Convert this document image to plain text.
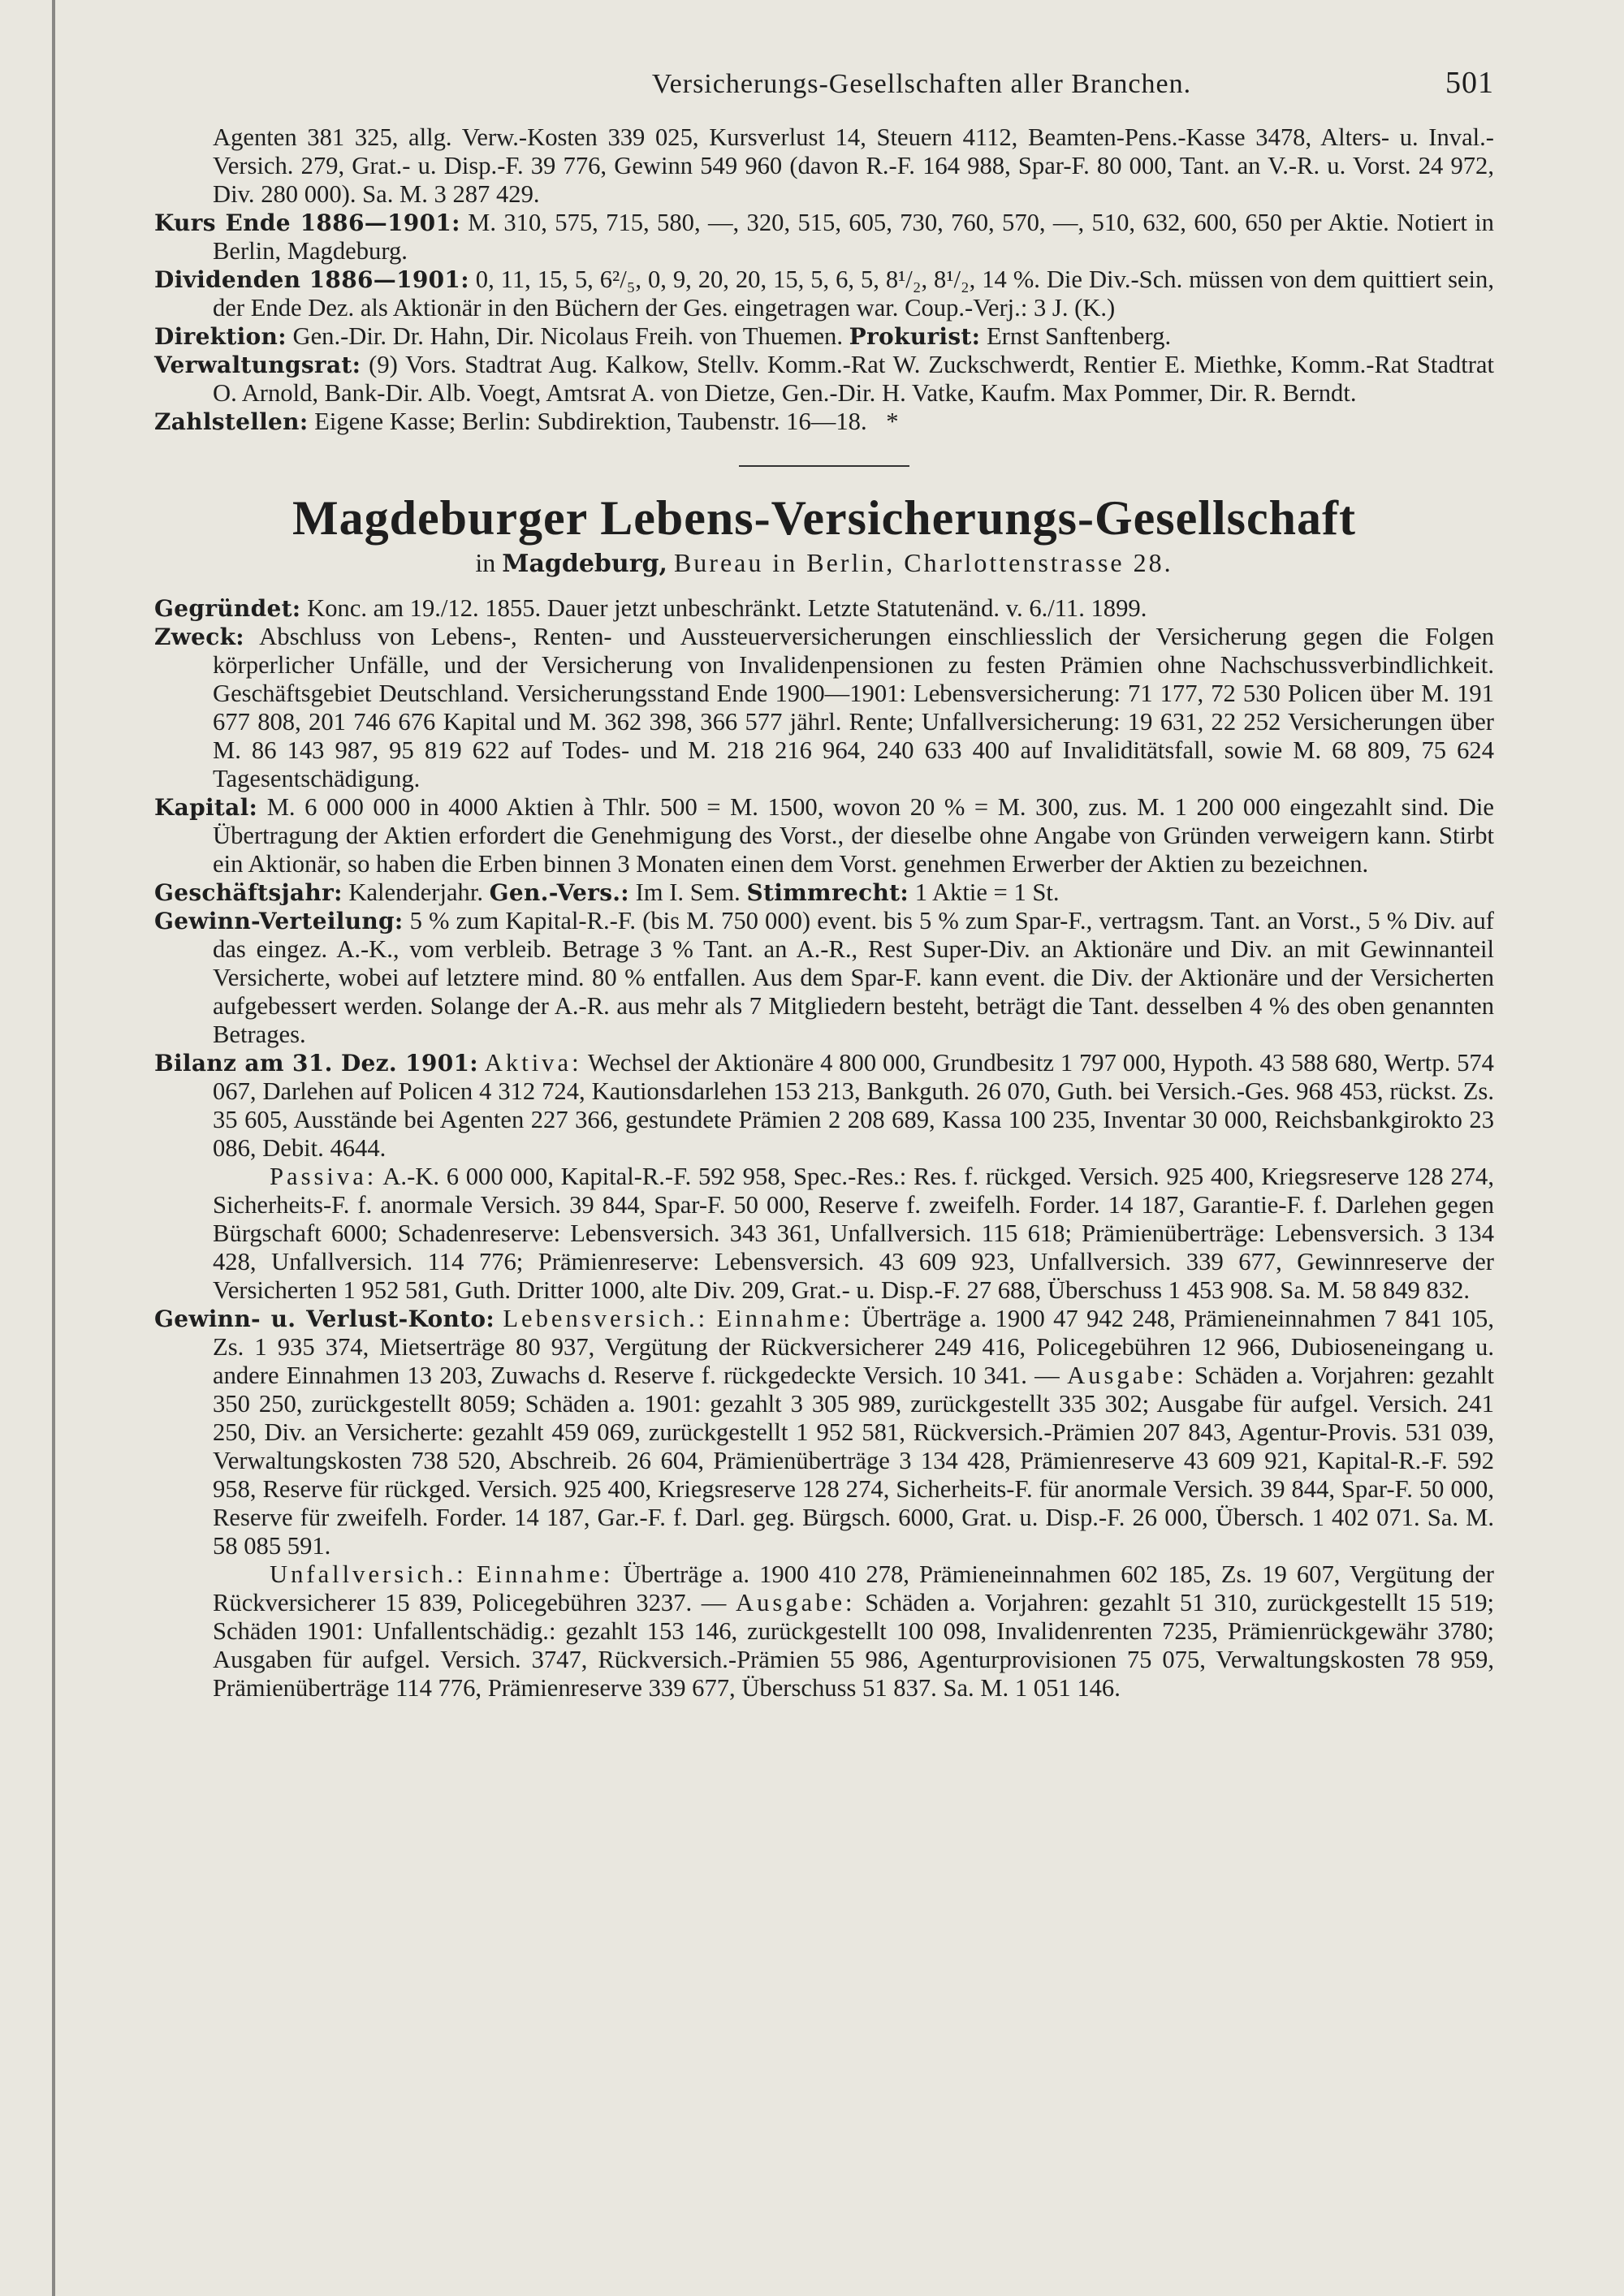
Versicherungs-Gesellschaften aller Branchen.	501

Agenten 381 325, allg. Verw.-Kosten 339 025, Kursverlust 14, Steuern 4112, Beamten-Pens.-Kasse 3478, Alters- u. Inval.-Versich. 279, Grat.- u. Disp.-F. 39 776, Gewinn 549 960 (davon R.-F. 164 988, Spar-F. 80 000, Tant. an V.-R. u. Vorst. 24 972, Div. 280 000). Sa. M. 3 287 429.

Kurs Ende 1886—1901: M. 310, 575, 715, 580, —, 320, 515, 605, 730, 760, 570, —, 510, 632, 600, 650 per Aktie. Notiert in Berlin, Magdeburg.

Dividenden 1886—1901: 0, 11, 15, 5, 6²/₅, 0, 9, 20, 20, 15, 5, 6, 5, 8¹/₂, 8¹/₂, 14 %. Die Div.-Sch. müssen von dem quittiert sein, der Ende Dez. als Aktionär in den Büchern der Ges. eingetragen war. Coup.-Verj.: 3 J. (K.)

Direktion: Gen.-Dir. Dr. Hahn, Dir. Nicolaus Freih. von Thuemen. Prokurist: Ernst Sanftenberg.

Verwaltungsrat: (9) Vors. Stadtrat Aug. Kalkow, Stellv. Komm.-Rat W. Zuckschwerdt, Rentier E. Miethke, Komm.-Rat Stadtrat O. Arnold, Bank-Dir. Alb. Voegt, Amtsrat A. von Dietze, Gen.-Dir. H. Vatke, Kaufm. Max Pommer, Dir. R. Berndt.

Zahlstellen: Eigene Kasse; Berlin: Subdirektion, Taubenstr. 16—18. *

Magdeburger Lebens-Versicherungs-Gesellschaft
in Magdeburg, Bureau in Berlin, Charlottenstrasse 28.

Gegründet: Konc. am 19./12. 1855. Dauer jetzt unbeschränkt. Letzte Statutenänd. v. 6./11. 1899.

Zweck: Abschluss von Lebens-, Renten- und Aussteuerversicherungen einschliesslich der Versicherung gegen die Folgen körperlicher Unfälle, und der Versicherung von Invalidenpensionen zu festen Prämien ohne Nachschussverbindlichkeit. Geschäftsgebiet Deutschland. Versicherungsstand Ende 1900—1901: Lebensversicherung: 71 177, 72 530 Policen über M. 191 677 808, 201 746 676 Kapital und M. 362 398, 366 577 jährl. Rente; Unfallversicherung: 19 631, 22 252 Versicherungen über M. 86 143 987, 95 819 622 auf Todes- und M. 218 216 964, 240 633 400 auf Invaliditätsfall, sowie M. 68 809, 75 624 Tagesentschädigung.

Kapital: M. 6 000 000 in 4000 Aktien à Thlr. 500 = M. 1500, wovon 20 % = M. 300, zus. M. 1 200 000 eingezahlt sind. Die Übertragung der Aktien erfordert die Genehmigung des Vorst., der dieselbe ohne Angabe von Gründen verweigern kann. Stirbt ein Aktionär, so haben die Erben binnen 3 Monaten einen dem Vorst. genehmen Erwerber der Aktien zu bezeichnen.

Geschäftsjahr: Kalenderjahr. Gen.-Vers.: Im I. Sem. Stimmrecht: 1 Aktie = 1 St.

Gewinn-Verteilung: 5 % zum Kapital-R.-F. (bis M. 750 000) event. bis 5 % zum Spar-F., vertragsm. Tant. an Vorst., 5 % Div. auf das eingez. A.-K., vom verbleib. Betrage 3 % Tant. an A.-R., Rest Super-Div. an Aktionäre und Div. an mit Gewinnanteil Versicherte, wobei auf letztere mind. 80 % entfallen. Aus dem Spar-F. kann event. die Div. der Aktionäre und der Versicherten aufgebessert werden. Solange der A.-R. aus mehr als 7 Mitgliedern besteht, beträgt die Tant. desselben 4 % des oben genannten Betrages.

Bilanz am 31. Dez. 1901: Aktiva: Wechsel der Aktionäre 4 800 000, Grundbesitz 1 797 000, Hypoth. 43 588 680, Wertp. 574 067, Darlehen auf Policen 4 312 724, Kautionsdarlehen 153 213, Bankguth. 26 070, Guth. bei Versich.-Ges. 968 453, rückst. Zs. 35 605, Ausstände bei Agenten 227 366, gestundete Prämien 2 208 689, Kassa 100 235, Inventar 30 000, Reichsbankgirokto 23 086, Debit. 4644.

Passiva: A.-K. 6 000 000, Kapital-R.-F. 592 958, Spec.-Res.: Res. f. rückged. Versich. 925 400, Kriegsreserve 128 274, Sicherheits-F. f. anormale Versich. 39 844, Spar-F. 50 000, Reserve f. zweifelh. Forder. 14 187, Garantie-F. f. Darlehen gegen Bürgschaft 6000; Schadenreserve: Lebensversich. 343 361, Unfallversich. 115 618; Prämienüberträge: Lebensversich. 3 134 428, Unfallversich. 114 776; Prämienreserve: Lebensversich. 43 609 923, Unfallversich. 339 677, Gewinnreserve der Versicherten 1 952 581, Guth. Dritter 1000, alte Div. 209, Grat.- u. Disp.-F. 27 688, Überschuss 1 453 908. Sa. M. 58 849 832.

Gewinn- u. Verlust-Konto: Lebensversich.: Einnahme: Überträge a. 1900 47 942 248, Prämieneinnahmen 7 841 105, Zs. 1 935 374, Mietserträge 80 937, Vergütung der Rückversicherer 249 416, Policegebühren 12 966, Dubioseneingang u. andere Einnahmen 13 203, Zuwachs d. Reserve f. rückgedeckte Versich. 10 341. — Ausgabe: Schäden a. Vorjahren: gezahlt 350 250, zurückgestellt 8059; Schäden a. 1901: gezahlt 3 305 989, zurückgestellt 335 302; Ausgabe für aufgel. Versich. 241 250, Div. an Versicherte: gezahlt 459 069, zurückgestellt 1 952 581, Rückversich.-Prämien 207 843, Agentur-Provis. 531 039, Verwaltungskosten 738 520, Abschreib. 26 604, Prämienüberträge 3 134 428, Prämienreserve 43 609 921, Kapital-R.-F. 592 958, Reserve für rückged. Versich. 925 400, Kriegsreserve 128 274, Sicherheits-F. für anormale Versich. 39 844, Spar-F. 50 000, Reserve für zweifelh. Forder. 14 187, Gar.-F. f. Darl. geg. Bürgsch. 6000, Grat. u. Disp.-F. 26 000, Übersch. 1 402 071. Sa. M. 58 085 591.

Unfallversich.: Einnahme: Überträge a. 1900 410 278, Prämieneinnahmen 602 185, Zs. 19 607, Vergütung der Rückversicherer 15 839, Policegebühren 3237. — Ausgabe: Schäden a. Vorjahren: gezahlt 51 310, zurückgestellt 15 519; Schäden 1901: Unfallentschädig.: gezahlt 153 146, zurückgestellt 100 098, Invalidenrenten 7235, Prämienrückgewähr 3780; Ausgaben für aufgel. Versich. 3747, Rückversich.-Prämien 55 986, Agenturprovisionen 75 075, Verwaltungskosten 78 959, Prämienüberträge 114 776, Prämienreserve 339 677, Überschuss 51 837. Sa. M. 1 051 146.
